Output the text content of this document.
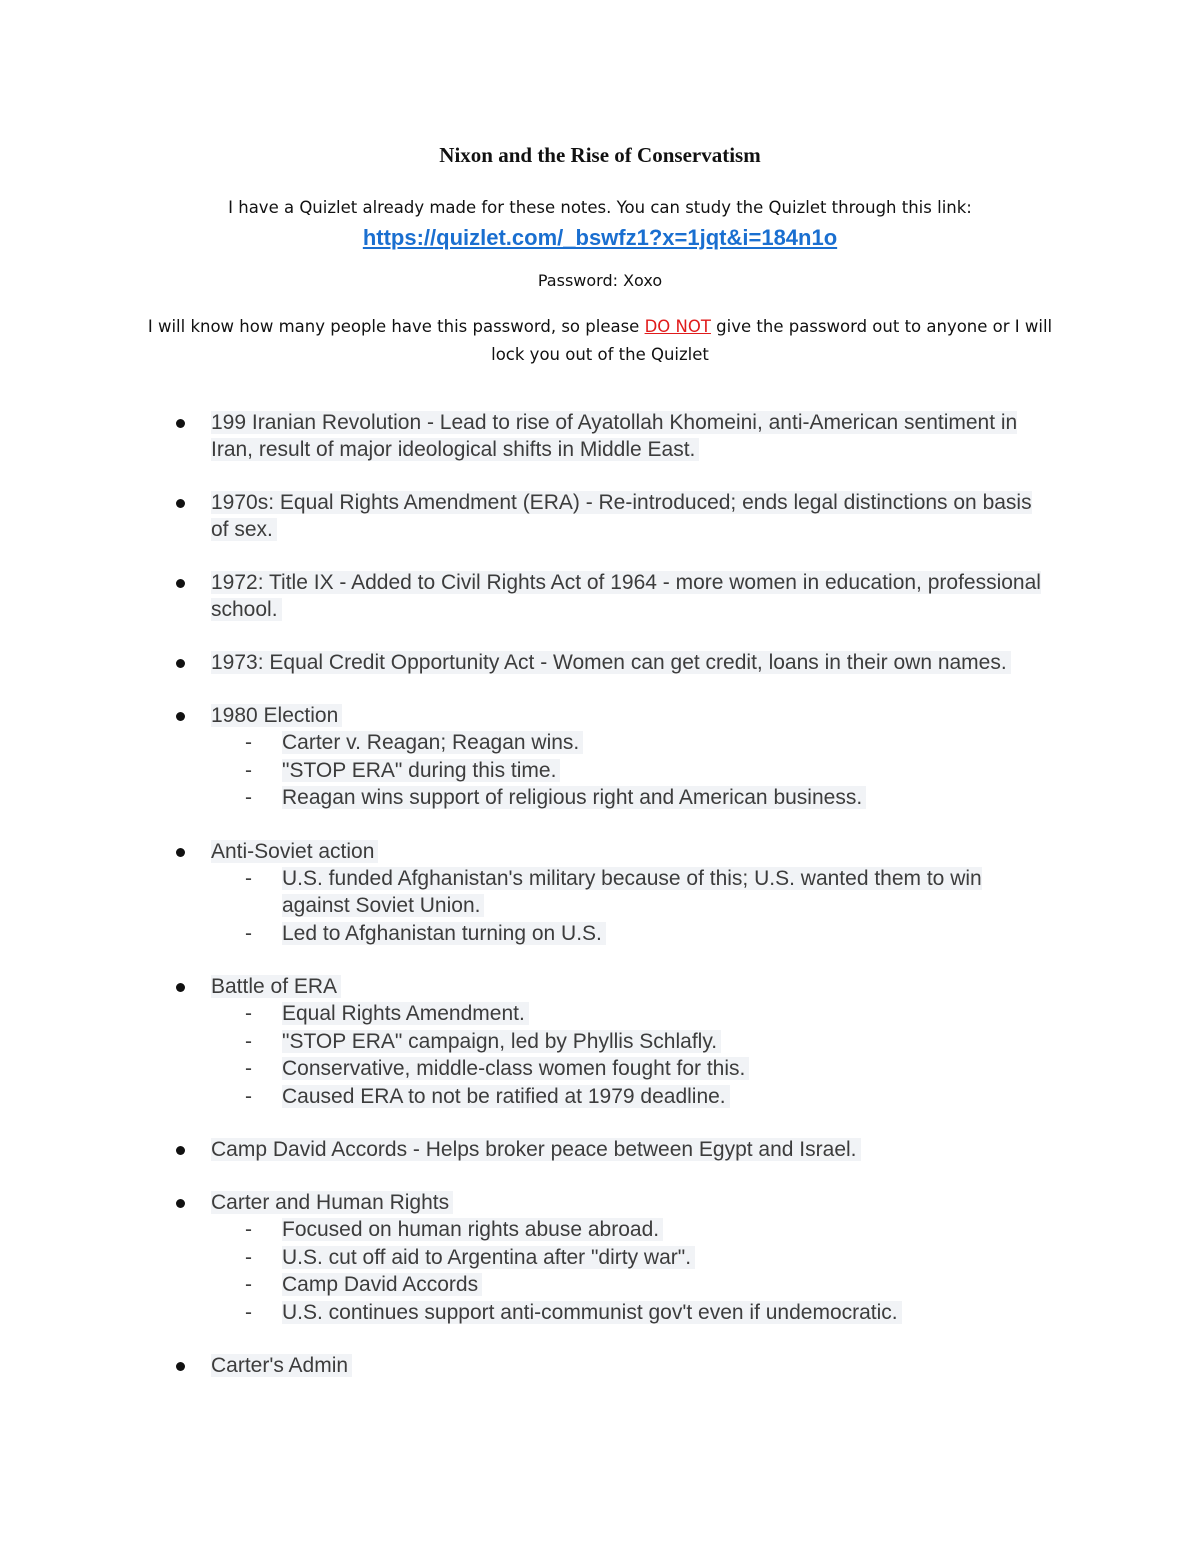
Nixon and the Rise of Conservatism
I have a Quizlet already made for these notes. You can study the Quizlet through this link:
https://quizlet.com/_bswfz1?x=1jqt&i=184n1o
Password: Xoxo
I will know how many people have this password, so please DO NOT give the password out to anyone or I will lock you out of the Quizlet
199 Iranian Revolution - Lead to rise of Ayatollah Khomeini, anti-American sentiment in Iran, result of major ideological shifts in Middle East.
1970s: Equal Rights Amendment (ERA) - Re-introduced; ends legal distinctions on basis of sex.
1972: Title IX - Added to Civil Rights Act of 1964 - more women in education, professional school.
1973: Equal Credit Opportunity Act - Women can get credit, loans in their own names.
1980 Election
- Carter v. Reagan; Reagan wins.
- "STOP ERA" during this time.
- Reagan wins support of religious right and American business.
Anti-Soviet action
- U.S. funded Afghanistan's military because of this; U.S. wanted them to win against Soviet Union.
- Led to Afghanistan turning on U.S.
Battle of ERA
- Equal Rights Amendment.
- "STOP ERA" campaign, led by Phyllis Schlafly.
- Conservative, middle-class women fought for this.
- Caused ERA to not be ratified at 1979 deadline.
Camp David Accords - Helps broker peace between Egypt and Israel.
Carter and Human Rights
- Focused on human rights abuse abroad.
- U.S. cut off aid to Argentina after "dirty war".
- Camp David Accords
- U.S. continues support anti-communist gov't even if undemocratic.
Carter's Admin
